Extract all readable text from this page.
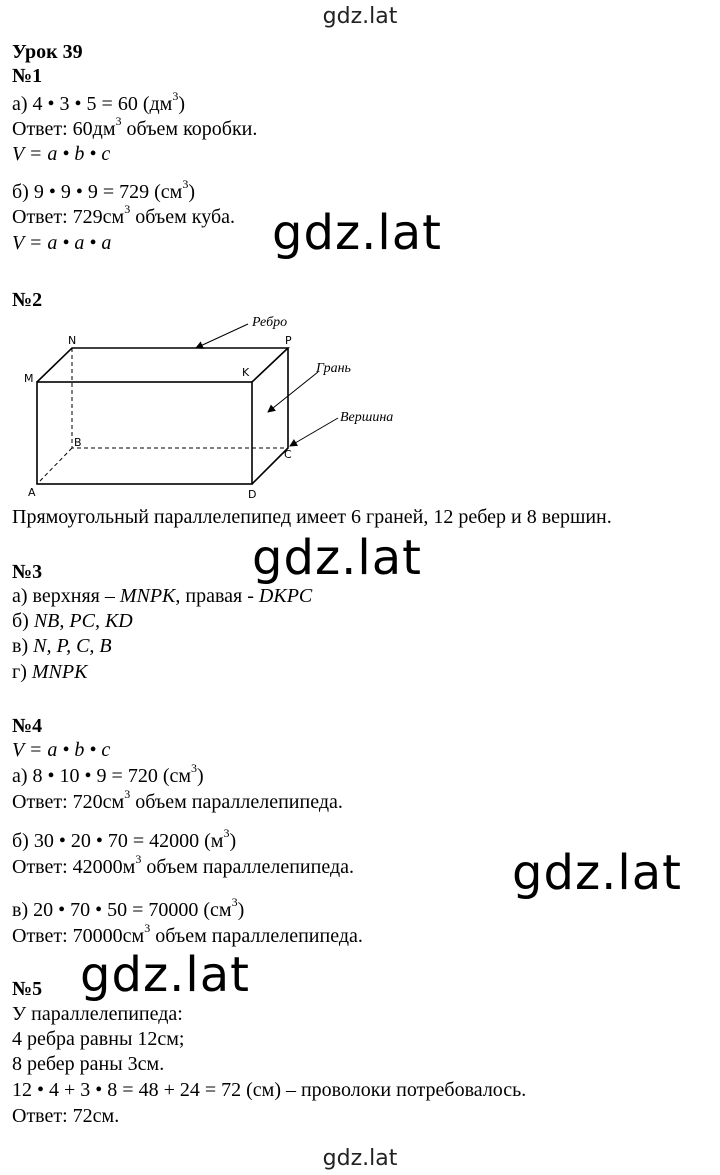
gdz.lat
gdz.lat
Урок 39
№1
а) 4 • 3 • 5 = 60 $(дм^3)$
Ответ: $60дм^3$ объем коробки.
V = a • b • c
б) 9 • 9 • 9 = 729 $(см^3)$
Ответ: $729см^3$ объем куба.
V = a • a • a	gdz.lat
№2
N	P
M	K
B
C
A	D
Ребро
Грань
Вершина
Прямоугольный параллелепипед имеет 6 граней, 12 ребер и 8 вершин.
gdz.lat
№3
а) верхняя – MNPK, правая - DKPC
б) NB, PC, KD
в) N, P, C, B
г) MNPK
№4
V = a • b • c
а) 8 • 10 • 9 = 720 $(см^3)$
Ответ: $720см^3$ объем параллелепипеда.
б) 30 • 20 • 70 = 42000 $(м^3)$
Ответ: $42000м^3$ объем параллелепипеда.
в) 20 • 70 • 50 = 70000 $(см^3)$
Ответ: $70000см^3$ объем параллелепипеда.
gdz.lat
№5
У параллелепипеда:
4 ребра равны 12см;
8 ребер раны 3см.
12 • 4 + 3 • 8 = 48 + 24 = 72 (см) – проволоки потребовалось.
Ответ: 72см.
gdz.lat
